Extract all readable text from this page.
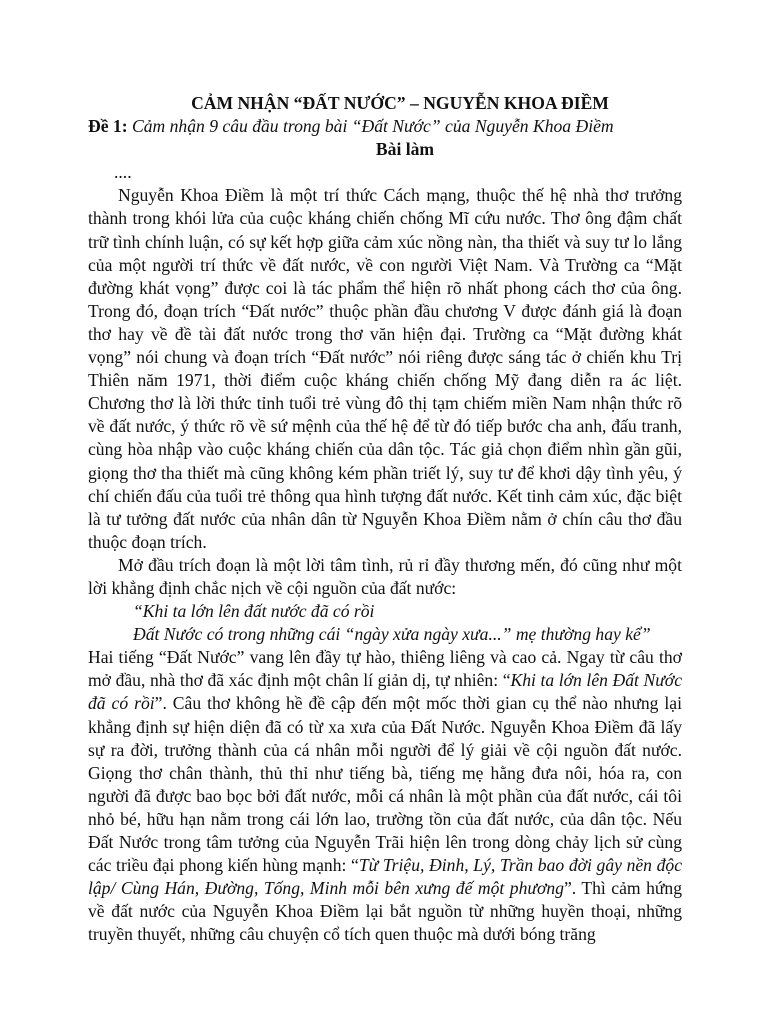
CẢM NHẬN “ĐẤT NƯỚC” – NGUYỄN KHOA ĐIỀM

Đề 1: Cảm nhận 9 câu đầu trong bài “Đất Nước” của Nguyễn Khoa Điềm

Bài làm

....

Nguyễn Khoa Điềm là một trí thức Cách mạng, thuộc thế hệ nhà thơ trưởng thành trong khói lửa của cuộc kháng chiến chống Mĩ cứu nước. Thơ ông đậm chất trữ tình chính luận, có sự kết hợp giữa cảm xúc nồng nàn, tha thiết và suy tư lo lắng của một người trí thức về đất nước, về con người Việt Nam. Và Trường ca “Mặt đường khát vọng” được coi là tác phẩm thể hiện rõ nhất phong cách thơ của ông. Trong đó, đoạn trích “Đất nước” thuộc phần đầu chương V được đánh giá là đoạn thơ hay về đề tài đất nước trong thơ văn hiện đại. Trường ca “Mặt đường khát vọng” nói chung và đoạn trích “Đất nước” nói riêng được sáng tác ở chiến khu Trị Thiên năm 1971, thời điểm cuộc kháng chiến chống Mỹ đang diễn ra ác liệt. Chương thơ là lời thức tỉnh tuổi trẻ vùng đô thị tạm chiếm miền Nam nhận thức rõ về đất nước, ý thức rõ về sứ mệnh của thế hệ để từ đó tiếp bước cha anh, đấu tranh, cùng hòa nhập vào cuộc kháng chiến của dân tộc. Tác giả chọn điểm nhìn gần gũi, giọng thơ tha thiết mà cũng không kém phần triết lý, suy tư để khơi dậy tình yêu, ý chí chiến đấu của tuổi trẻ thông qua hình tượng đất nước. Kết tinh cảm xúc, đặc biệt là tư tưởng đất nước của nhân dân từ Nguyễn Khoa Điềm nằm ở chín câu thơ đầu thuộc đoạn trích.

Mở đầu trích đoạn là một lời tâm tình, rủ rỉ đầy thương mến, đó cũng như một lời khẳng định chắc nịch về cội nguồn của đất nước:

“Khi ta lớn lên đất nước đã có rồi

Đất Nước có trong những cái “ngày xửa ngày xưa...” mẹ thường hay kể”

Hai tiếng “Đất Nước” vang lên đầy tự hào, thiêng liêng và cao cả. Ngay từ câu thơ mở đầu, nhà thơ đã xác định một chân lí giản dị, tự nhiên: “Khi ta lớn lên Đất Nước đã có rồi”. Câu thơ không hề đề cập đến một mốc thời gian cụ thể nào nhưng lại khẳng định sự hiện diện đã có từ xa xưa của Đất Nước. Nguyễn Khoa Điềm đã lấy sự ra đời, trưởng thành của cá nhân mỗi người để lý giải về cội nguồn đất nước. Giọng thơ chân thành, thủ thỉ như tiếng bà, tiếng mẹ hằng đưa nôi, hóa ra, con người đã được bao bọc bởi đất nước, mỗi cá nhân là một phần của đất nước, cái tôi nhỏ bé, hữu hạn nằm trong cái lớn lao, trường tồn của đất nước, của dân tộc. Nếu Đất Nước trong tâm tưởng của Nguyễn Trãi hiện lên trong dòng chảy lịch sử cùng các triều đại phong kiến hùng mạnh: “Từ Triệu, Đinh, Lý, Trần bao đời gây nền độc lập/ Cùng Hán, Đường, Tống, Minh mỗi bên xưng đế một phương”. Thì cảm hứng về đất nước của Nguyễn Khoa Điềm lại bắt nguồn từ những huyền thoại, những truyền thuyết, những câu chuyện cổ tích quen thuộc mà dưới bóng trăng
